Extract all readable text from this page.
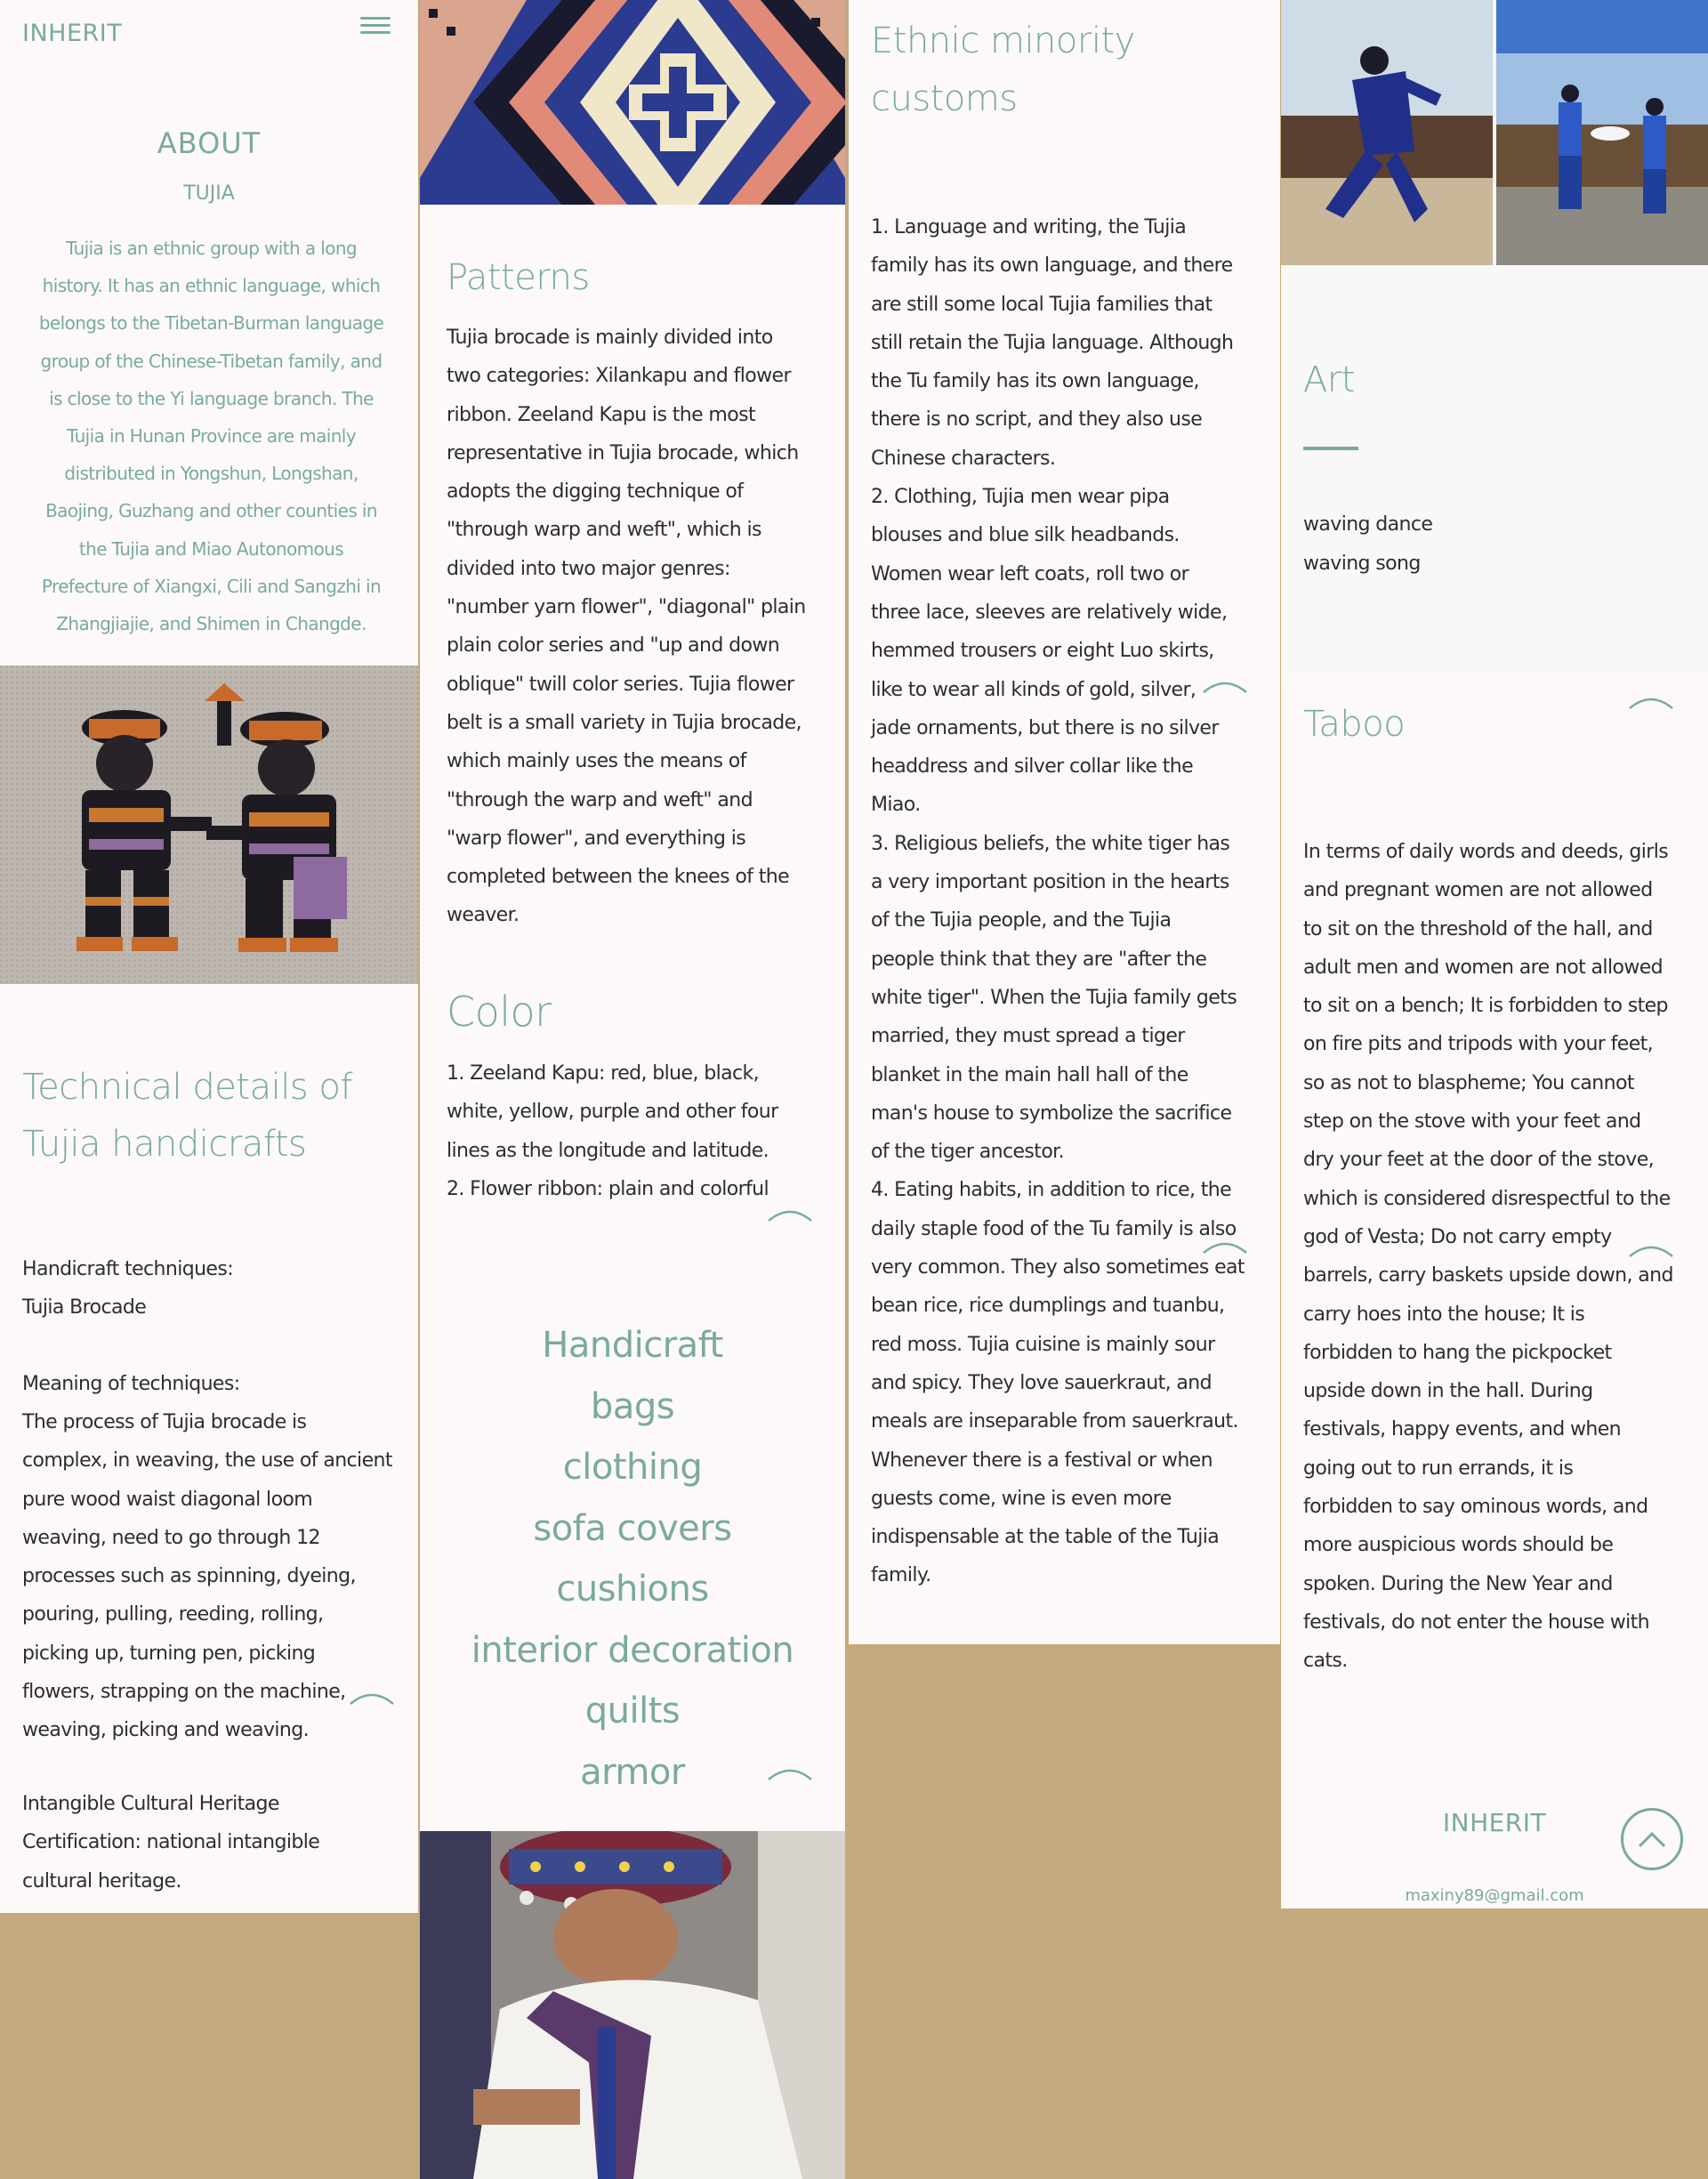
INHERIT
ABOUT
TUJIA
Tujia is an ethnic group with a long
history. It has an ethnic language, which
belongs to the Tibetan-Burman language
group of the Chinese-Tibetan family, and
is close to the Yi language branch. The
Tujia in Hunan Province are mainly
distributed in Yongshun, Longshan,
Baojing, Guzhang and other counties in
the Tujia and Miao Autonomous
Prefecture of Xiangxi, Cili and Sangzhi in
Zhangjiajie, and Shimen in Changde.
Technical details of
Tujia handicrafts
Handicraft techniques:
Tujia Brocade
Meaning of techniques:
The process of Tujia brocade is
complex, in weaving, the use of ancient
pure wood waist diagonal loom
weaving, need to go through 12
processes such as spinning, dyeing,
pouring, pulling, reeding, rolling,
picking up, turning pen, picking
flowers, strapping on the machine,
weaving, picking and weaving.
Intangible Cultural Heritage
Certification: national intangible
cultural heritage.
Patterns
Tujia brocade is mainly divided into
two categories: Xilankapu and flower
ribbon. Zeeland Kapu is the most
representative in Tujia brocade, which
adopts the digging technique of
"through warp and weft", which is
divided into two major genres:
"number yarn flower", "diagonal" plain
plain color series and "up and down
oblique" twill color series. Tujia flower
belt is a small variety in Tujia brocade,
which mainly uses the means of
"through the warp and weft" and
"warp flower", and everything is
completed between the knees of the
weaver.
Color
1. Zeeland Kapu: red, blue, black,
white, yellow, purple and other four
lines as the longitude and latitude.
2. Flower ribbon: plain and colorful
Handicraft
bags
clothing
sofa covers
cushions
interior decoration
quilts
armor
Ethnic minority
customs
1. Language and writing, the Tujia
family has its own language, and there
are still some local Tujia families that
still retain the Tujia language. Although
the Tu family has its own language,
there is no script, and they also use
Chinese characters.
2. Clothing, Tujia men wear pipa
blouses and blue silk headbands.
Women wear left coats, roll two or
three lace, sleeves are relatively wide,
hemmed trousers or eight Luo skirts,
like to wear all kinds of gold, silver,
jade ornaments, but there is no silver
headdress and silver collar like the
Miao.
3. Religious beliefs, the white tiger has
a very important position in the hearts
of the Tujia people, and the Tujia
people think that they are "after the
white tiger". When the Tujia family gets
married, they must spread a tiger
blanket in the main hall hall of the
man's house to symbolize the sacrifice
of the tiger ancestor.
4. Eating habits, in addition to rice, the
daily staple food of the Tu family is also
very common. They also sometimes eat
bean rice, rice dumplings and tuanbu,
red moss. Tujia cuisine is mainly sour
and spicy. They love sauerkraut, and
meals are inseparable from sauerkraut.
Whenever there is a festival or when
guests come, wine is even more
indispensable at the table of the Tujia
family.
Art
waving dance
waving song
Taboo
In terms of daily words and deeds, girls
and pregnant women are not allowed
to sit on the threshold of the hall, and
adult men and women are not allowed
to sit on a bench; It is forbidden to step
on fire pits and tripods with your feet,
so as not to blaspheme; You cannot
step on the stove with your feet and
dry your feet at the door of the stove,
which is considered disrespectful to the
god of Vesta; Do not carry empty
barrels, carry baskets upside down, and
carry hoes into the house; It is
forbidden to hang the pickpocket
upside down in the hall. During
festivals, happy events, and when
going out to run errands, it is
forbidden to say ominous words, and
more auspicious words should be
spoken. During the New Year and
festivals, do not enter the house with
cats.
INHERIT
maxiny89@gmail.com
